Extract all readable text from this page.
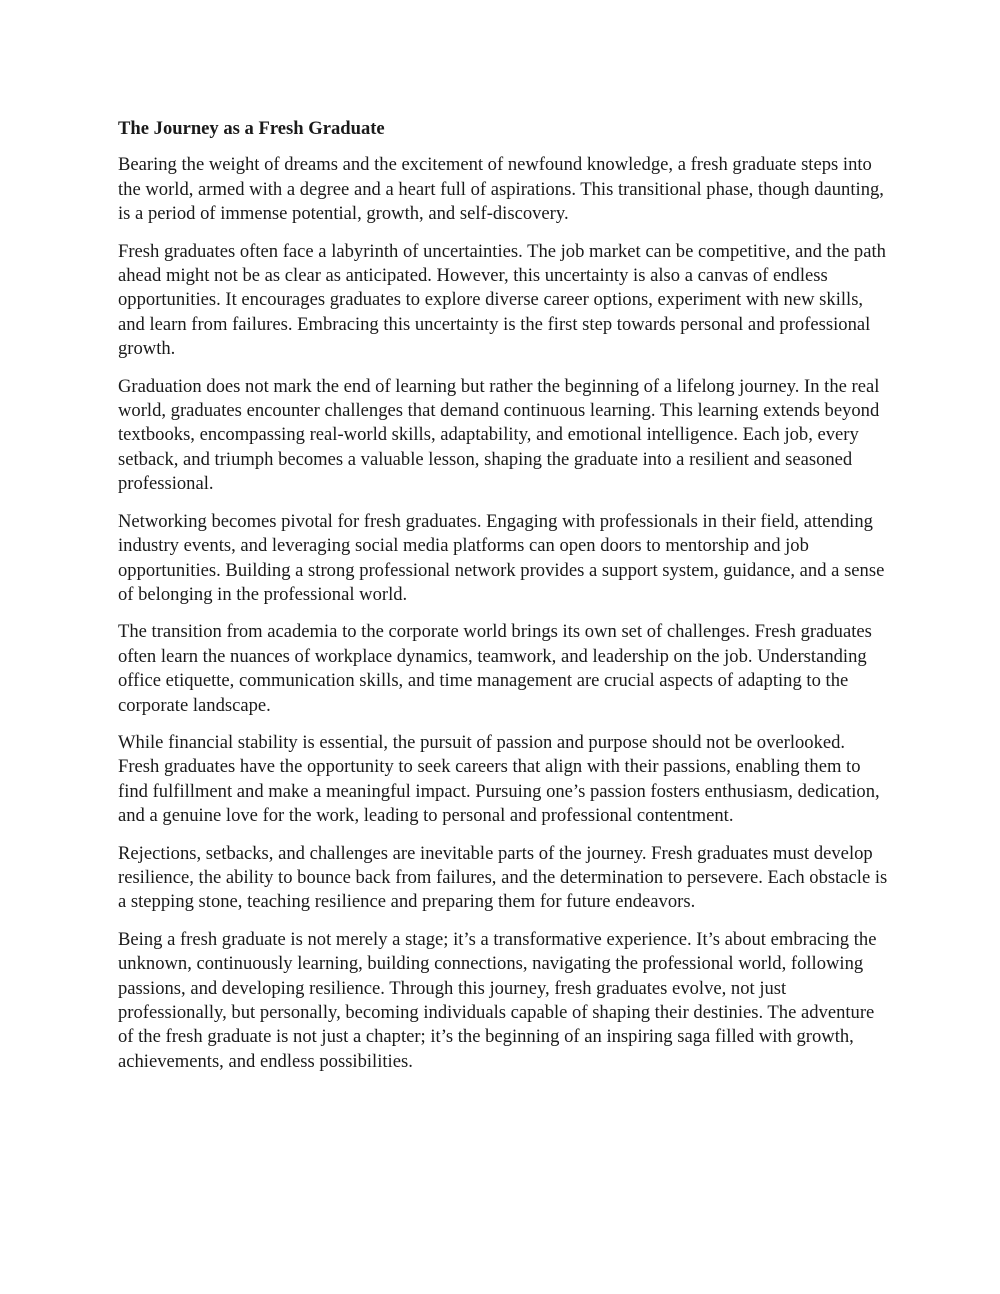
The Journey as a Fresh Graduate

Bearing the weight of dreams and the excitement of newfound knowledge, a fresh graduate steps into the world, armed with a degree and a heart full of aspirations. This transitional phase, though daunting, is a period of immense potential, growth, and self-discovery.

Fresh graduates often face a labyrinth of uncertainties. The job market can be competitive, and the path ahead might not be as clear as anticipated. However, this uncertainty is also a canvas of endless opportunities. It encourages graduates to explore diverse career options, experiment with new skills, and learn from failures. Embracing this uncertainty is the first step towards personal and professional growth.

Graduation does not mark the end of learning but rather the beginning of a lifelong journey. In the real world, graduates encounter challenges that demand continuous learning. This learning extends beyond textbooks, encompassing real-world skills, adaptability, and emotional intelligence. Each job, every setback, and triumph becomes a valuable lesson, shaping the graduate into a resilient and seasoned professional.

Networking becomes pivotal for fresh graduates. Engaging with professionals in their field, attending industry events, and leveraging social media platforms can open doors to mentorship and job opportunities. Building a strong professional network provides a support system, guidance, and a sense of belonging in the professional world.

The transition from academia to the corporate world brings its own set of challenges. Fresh graduates often learn the nuances of workplace dynamics, teamwork, and leadership on the job. Understanding office etiquette, communication skills, and time management are crucial aspects of adapting to the corporate landscape.

While financial stability is essential, the pursuit of passion and purpose should not be overlooked. Fresh graduates have the opportunity to seek careers that align with their passions, enabling them to find fulfillment and make a meaningful impact. Pursuing one’s passion fosters enthusiasm, dedication, and a genuine love for the work, leading to personal and professional contentment.

Rejections, setbacks, and challenges are inevitable parts of the journey. Fresh graduates must develop resilience, the ability to bounce back from failures, and the determination to persevere. Each obstacle is a stepping stone, teaching resilience and preparing them for future endeavors.

Being a fresh graduate is not merely a stage; it’s a transformative experience. It’s about embracing the unknown, continuously learning, building connections, navigating the professional world, following passions, and developing resilience. Through this journey, fresh graduates evolve, not just professionally, but personally, becoming individuals capable of shaping their destinies. The adventure of the fresh graduate is not just a chapter; it’s the beginning of an inspiring saga filled with growth, achievements, and endless possibilities.
